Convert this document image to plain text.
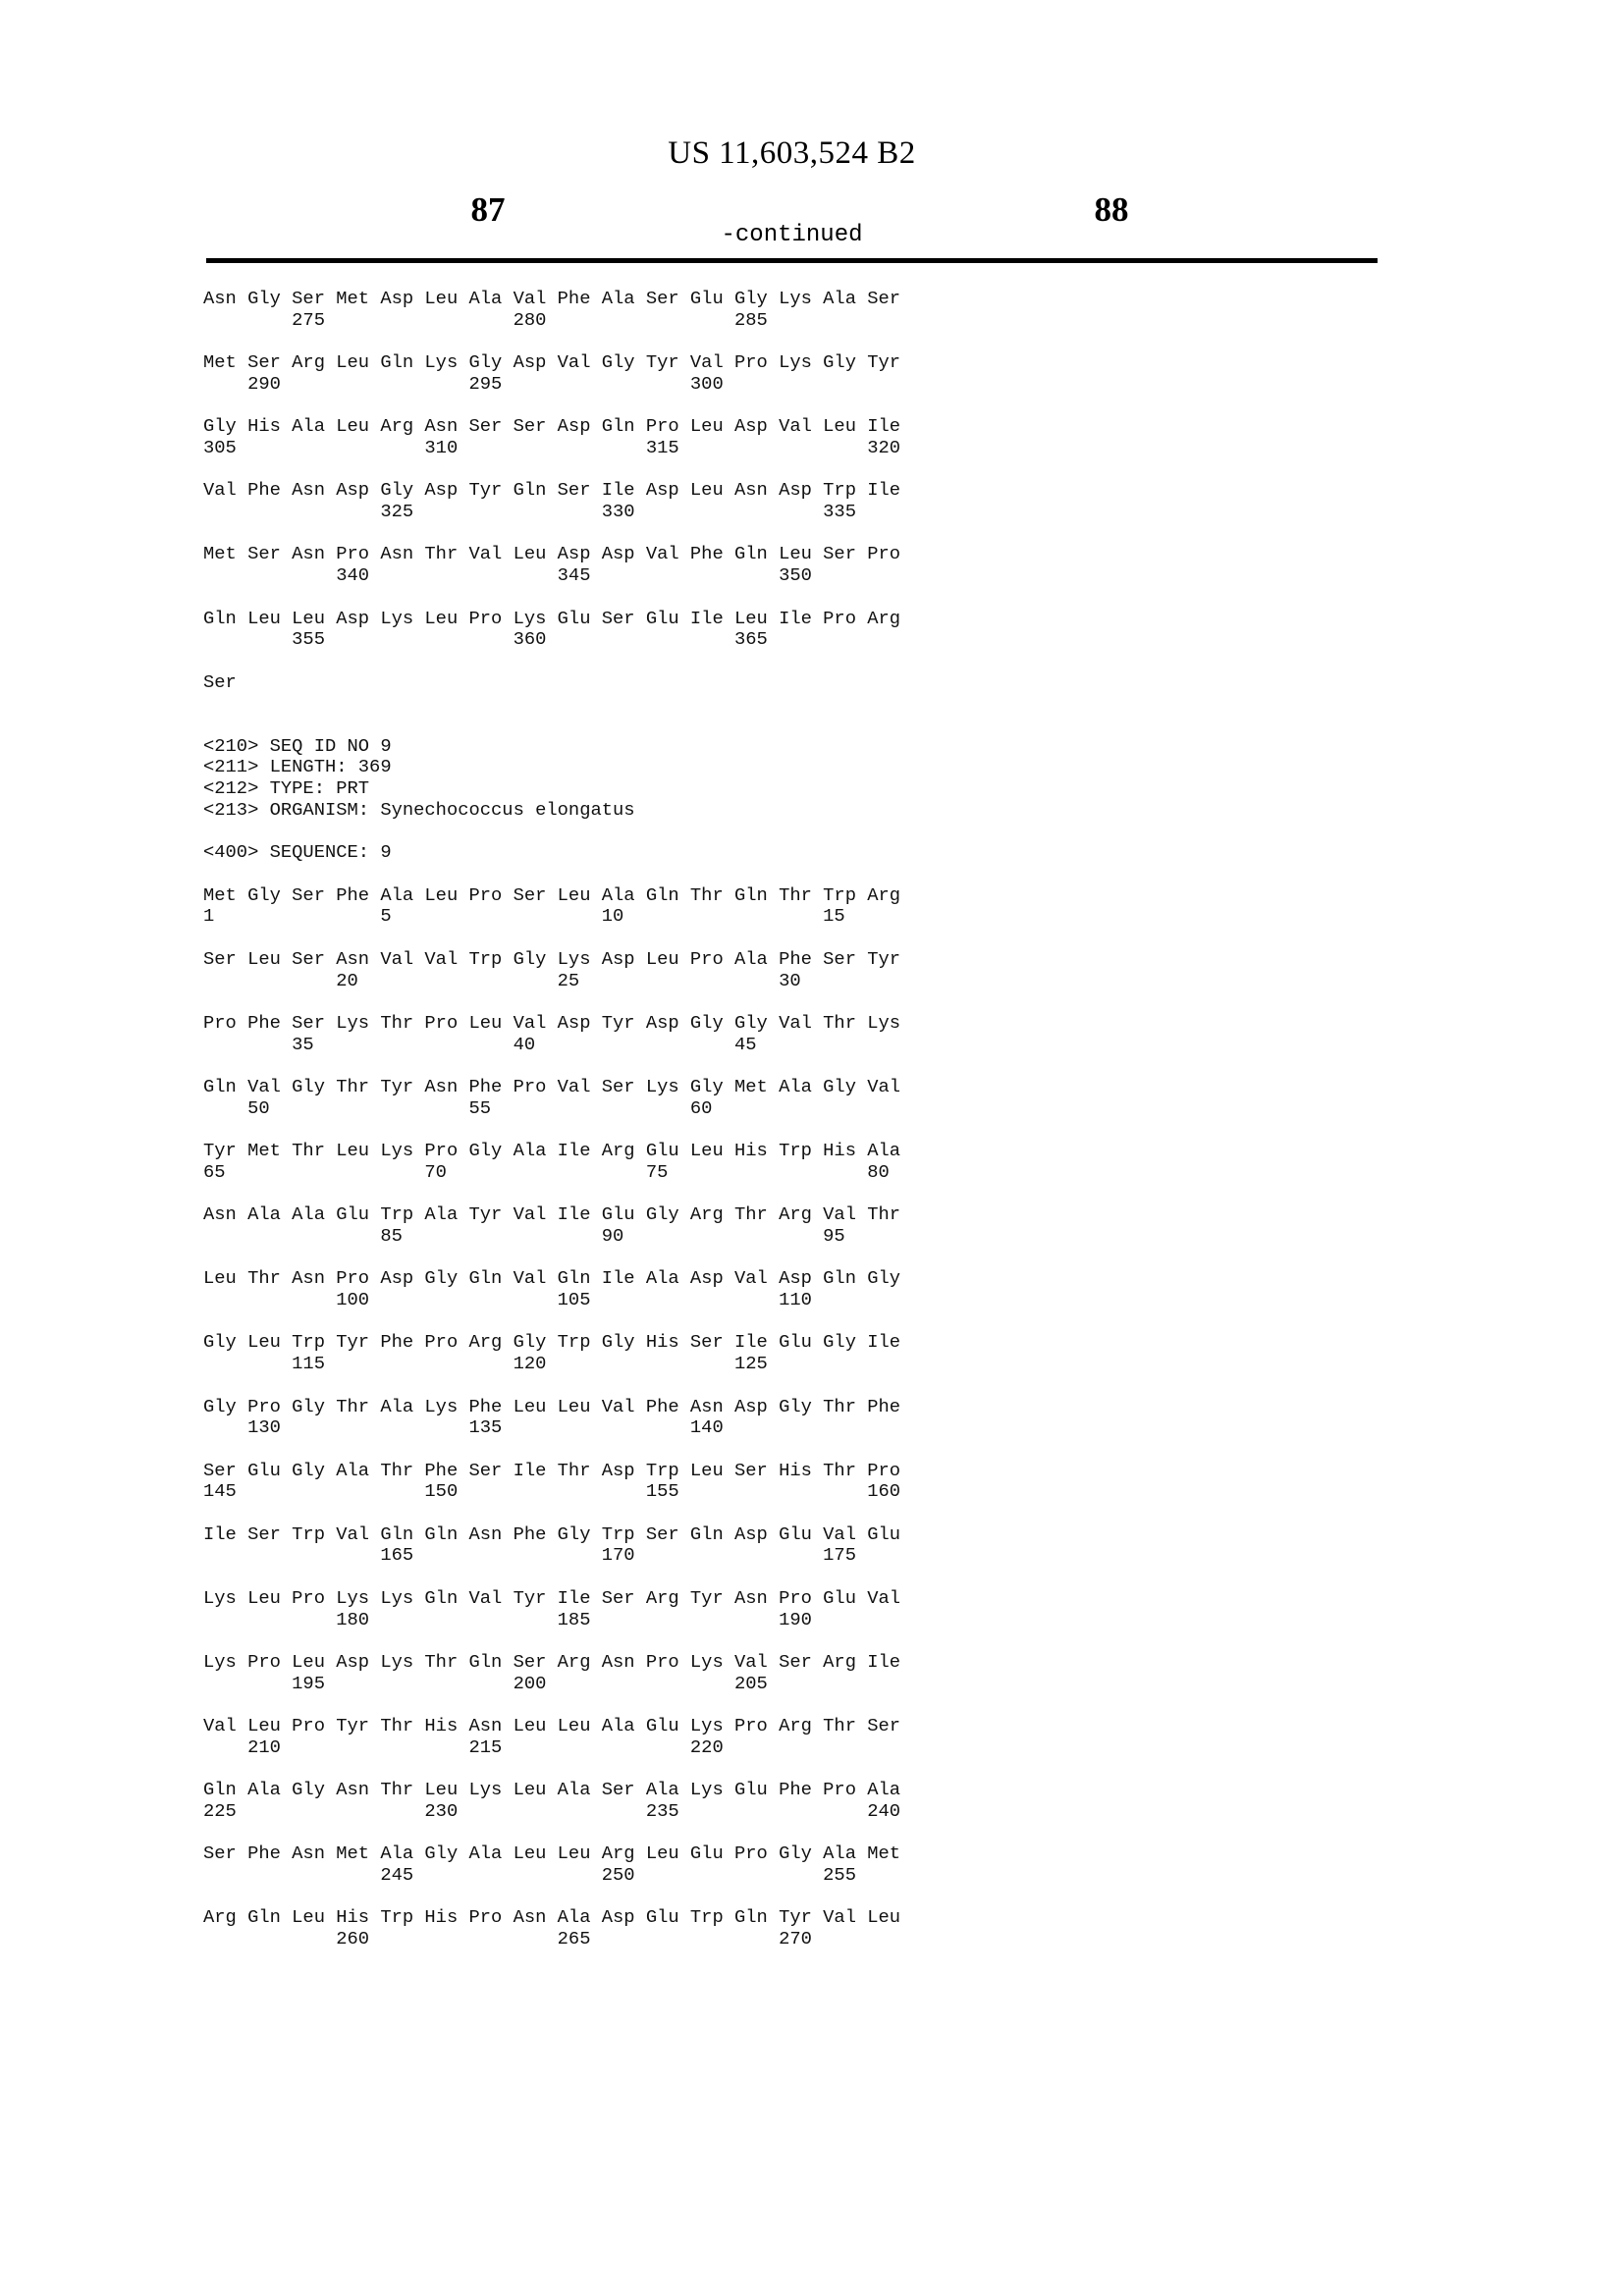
US 11,603,524 B2
87	88
-continued
Asn Gly Ser Met Asp Leu Ala Val Phe Ala Ser Glu Gly Lys Ala Ser
275                 280                 285

Met Ser Arg Leu Gln Lys Gly Asp Val Gly Tyr Val Pro Lys Gly Tyr
290                 295                 300

Gly His Ala Leu Arg Asn Ser Ser Asp Gln Pro Leu Asp Val Leu Ile
305                 310                 315                 320

Val Phe Asn Asp Gly Asp Tyr Gln Ser Ile Asp Leu Asn Asp Trp Ile
325                 330                 335

Met Ser Asn Pro Asn Thr Val Leu Asp Asp Val Phe Gln Leu Ser Pro
340                 345                 350

Gln Leu Leu Asp Lys Leu Pro Lys Glu Ser Glu Ile Leu Ile Pro Arg
355                 360                 365

Ser

<210> SEQ ID NO 9
<211> LENGTH: 369
<212> TYPE: PRT
<213> ORGANISM: Synechococcus elongatus

<400> SEQUENCE: 9

Met Gly Ser Phe Ala Leu Pro Ser Leu Ala Gln Thr Gln Thr Trp Arg
1               5                   10                  15

Ser Leu Ser Asn Val Val Trp Gly Lys Asp Leu Pro Ala Phe Ser Tyr
20                  25                  30

Pro Phe Ser Lys Thr Pro Leu Val Asp Tyr Asp Gly Gly Val Thr Lys
35                  40                  45

Gln Val Gly Thr Tyr Asn Phe Pro Val Ser Lys Gly Met Ala Gly Val
50                  55                  60

Tyr Met Thr Leu Lys Pro Gly Ala Ile Arg Glu Leu His Trp His Ala
65                  70                  75                  80

Asn Ala Ala Glu Trp Ala Tyr Val Ile Glu Gly Arg Thr Arg Val Thr
85                  90                  95

Leu Thr Asn Pro Asp Gly Gln Val Gln Ile Ala Asp Val Asp Gln Gly
100                 105                 110

Gly Leu Trp Tyr Phe Pro Arg Gly Trp Gly His Ser Ile Glu Gly Ile
115                 120                 125

Gly Pro Gly Thr Ala Lys Phe Leu Leu Val Phe Asn Asp Gly Thr Phe
130                 135                 140

Ser Glu Gly Ala Thr Phe Ser Ile Thr Asp Trp Leu Ser His Thr Pro
145                 150                 155                 160

Ile Ser Trp Val Gln Gln Asn Phe Gly Trp Ser Gln Asp Glu Val Glu
165                 170                 175

Lys Leu Pro Lys Lys Gln Val Tyr Ile Ser Arg Tyr Asn Pro Glu Val
180                 185                 190

Lys Pro Leu Asp Lys Thr Gln Ser Arg Asn Pro Lys Val Ser Arg Ile
195                 200                 205

Val Leu Pro Tyr Thr His Asn Leu Leu Ala Glu Lys Pro Arg Thr Ser
210                 215                 220

Gln Ala Gly Asn Thr Leu Lys Leu Ala Ser Ala Lys Glu Phe Pro Ala
225                 230                 235                 240

Ser Phe Asn Met Ala Gly Ala Leu Leu Arg Leu Glu Pro Gly Ala Met
245                 250                 255

Arg Gln Leu His Trp His Pro Asn Ala Asp Glu Trp Gln Tyr Val Leu
260                 265                 270
